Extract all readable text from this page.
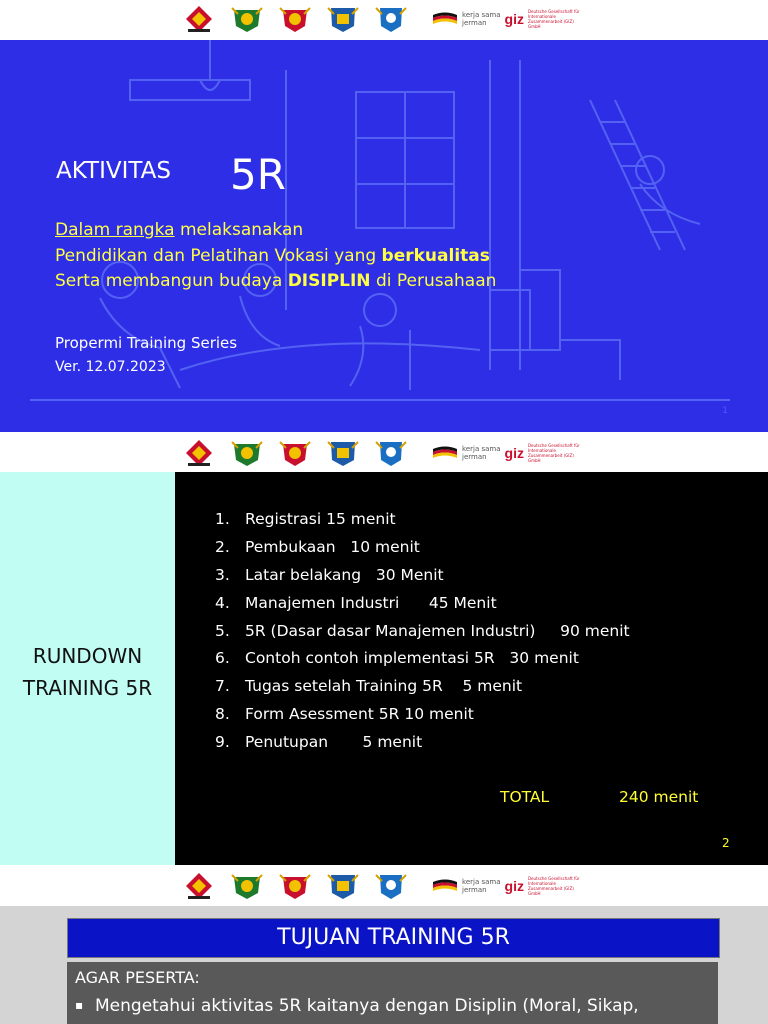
kerja sama
jerman	giz Deutsche Gesellschaft für Internationale Zusammenarbeit (GIZ) GmbH
AKTIVITAS 5R
Dalam rangka melaksanakan
Pendidikan dan Pelatihan Vokasi yang berkualitas
Serta membangun budaya DISIPLIN di Perusahaan
Propermi Training Series
Ver. 12.07.2023
1
kerja sama
jerman	giz Deutsche Gesellschaft für Internationale Zusammenarbeit (GIZ) GmbH
RUNDOWN
TRAINING 5R
1. Registrasi 15 menit
2. Pembukaan   10 menit
3. Latar belakang   30 Menit
4. Manajemen Industri      45 Menit
5. 5R (Dasar dasar Manajemen Industri)     90 menit
6. Contoh contoh implementasi 5R   30 menit
7. Tugas setelah Training 5R    5 menit
8. Form Asessment 5R 10 menit
9. Penutupan       5 menit
TOTAL	240 menit
2
kerja sama
jerman	giz Deutsche Gesellschaft für Internationale Zusammenarbeit (GIZ) GmbH
TUJUAN TRAINING 5R
AGAR PESERTA:
▪ Mengetahui aktivitas 5R kaitanya dengan Disiplin (Moral, Sikap,
